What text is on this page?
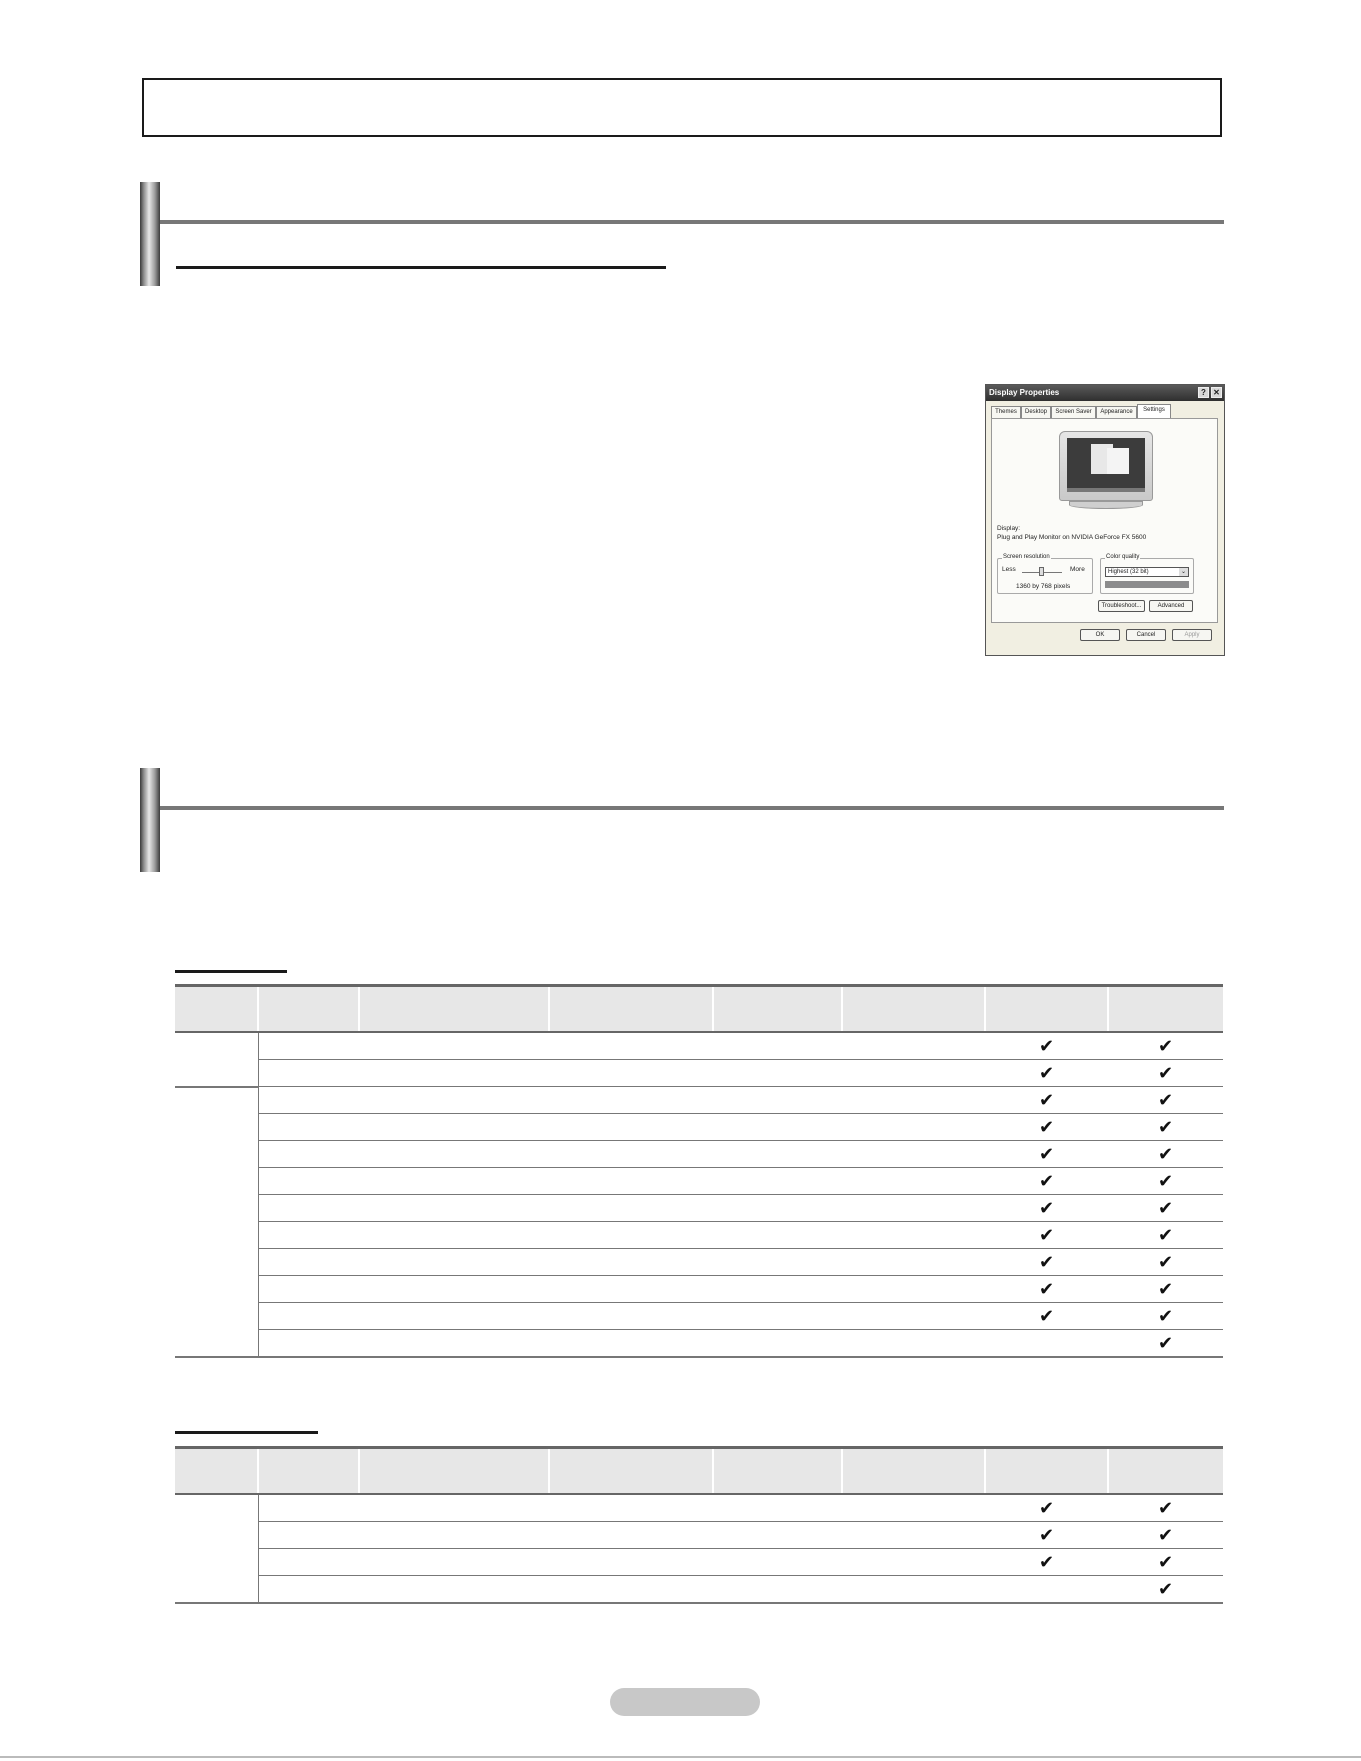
Display Properties	? ✕
Themes	Desktop	Screen Saver	Appearance	Settings
Display:
Plug and Play Monitor on NVIDIA GeForce FX 5600
Screen resolution
Less	More
1360 by 768 pixels
Color quality
Highest (32 bit)	⌄
Troubleshoot...	Advanced
OK	Cancel	Apply

						✔	✔
						✔	✔
						✔	✔
						✔	✔
						✔	✔
						✔	✔
						✔	✔
						✔	✔
						✔	✔
						✔	✔
						✔	✔
							✔

						✔	✔
						✔	✔
						✔	✔
							✔
